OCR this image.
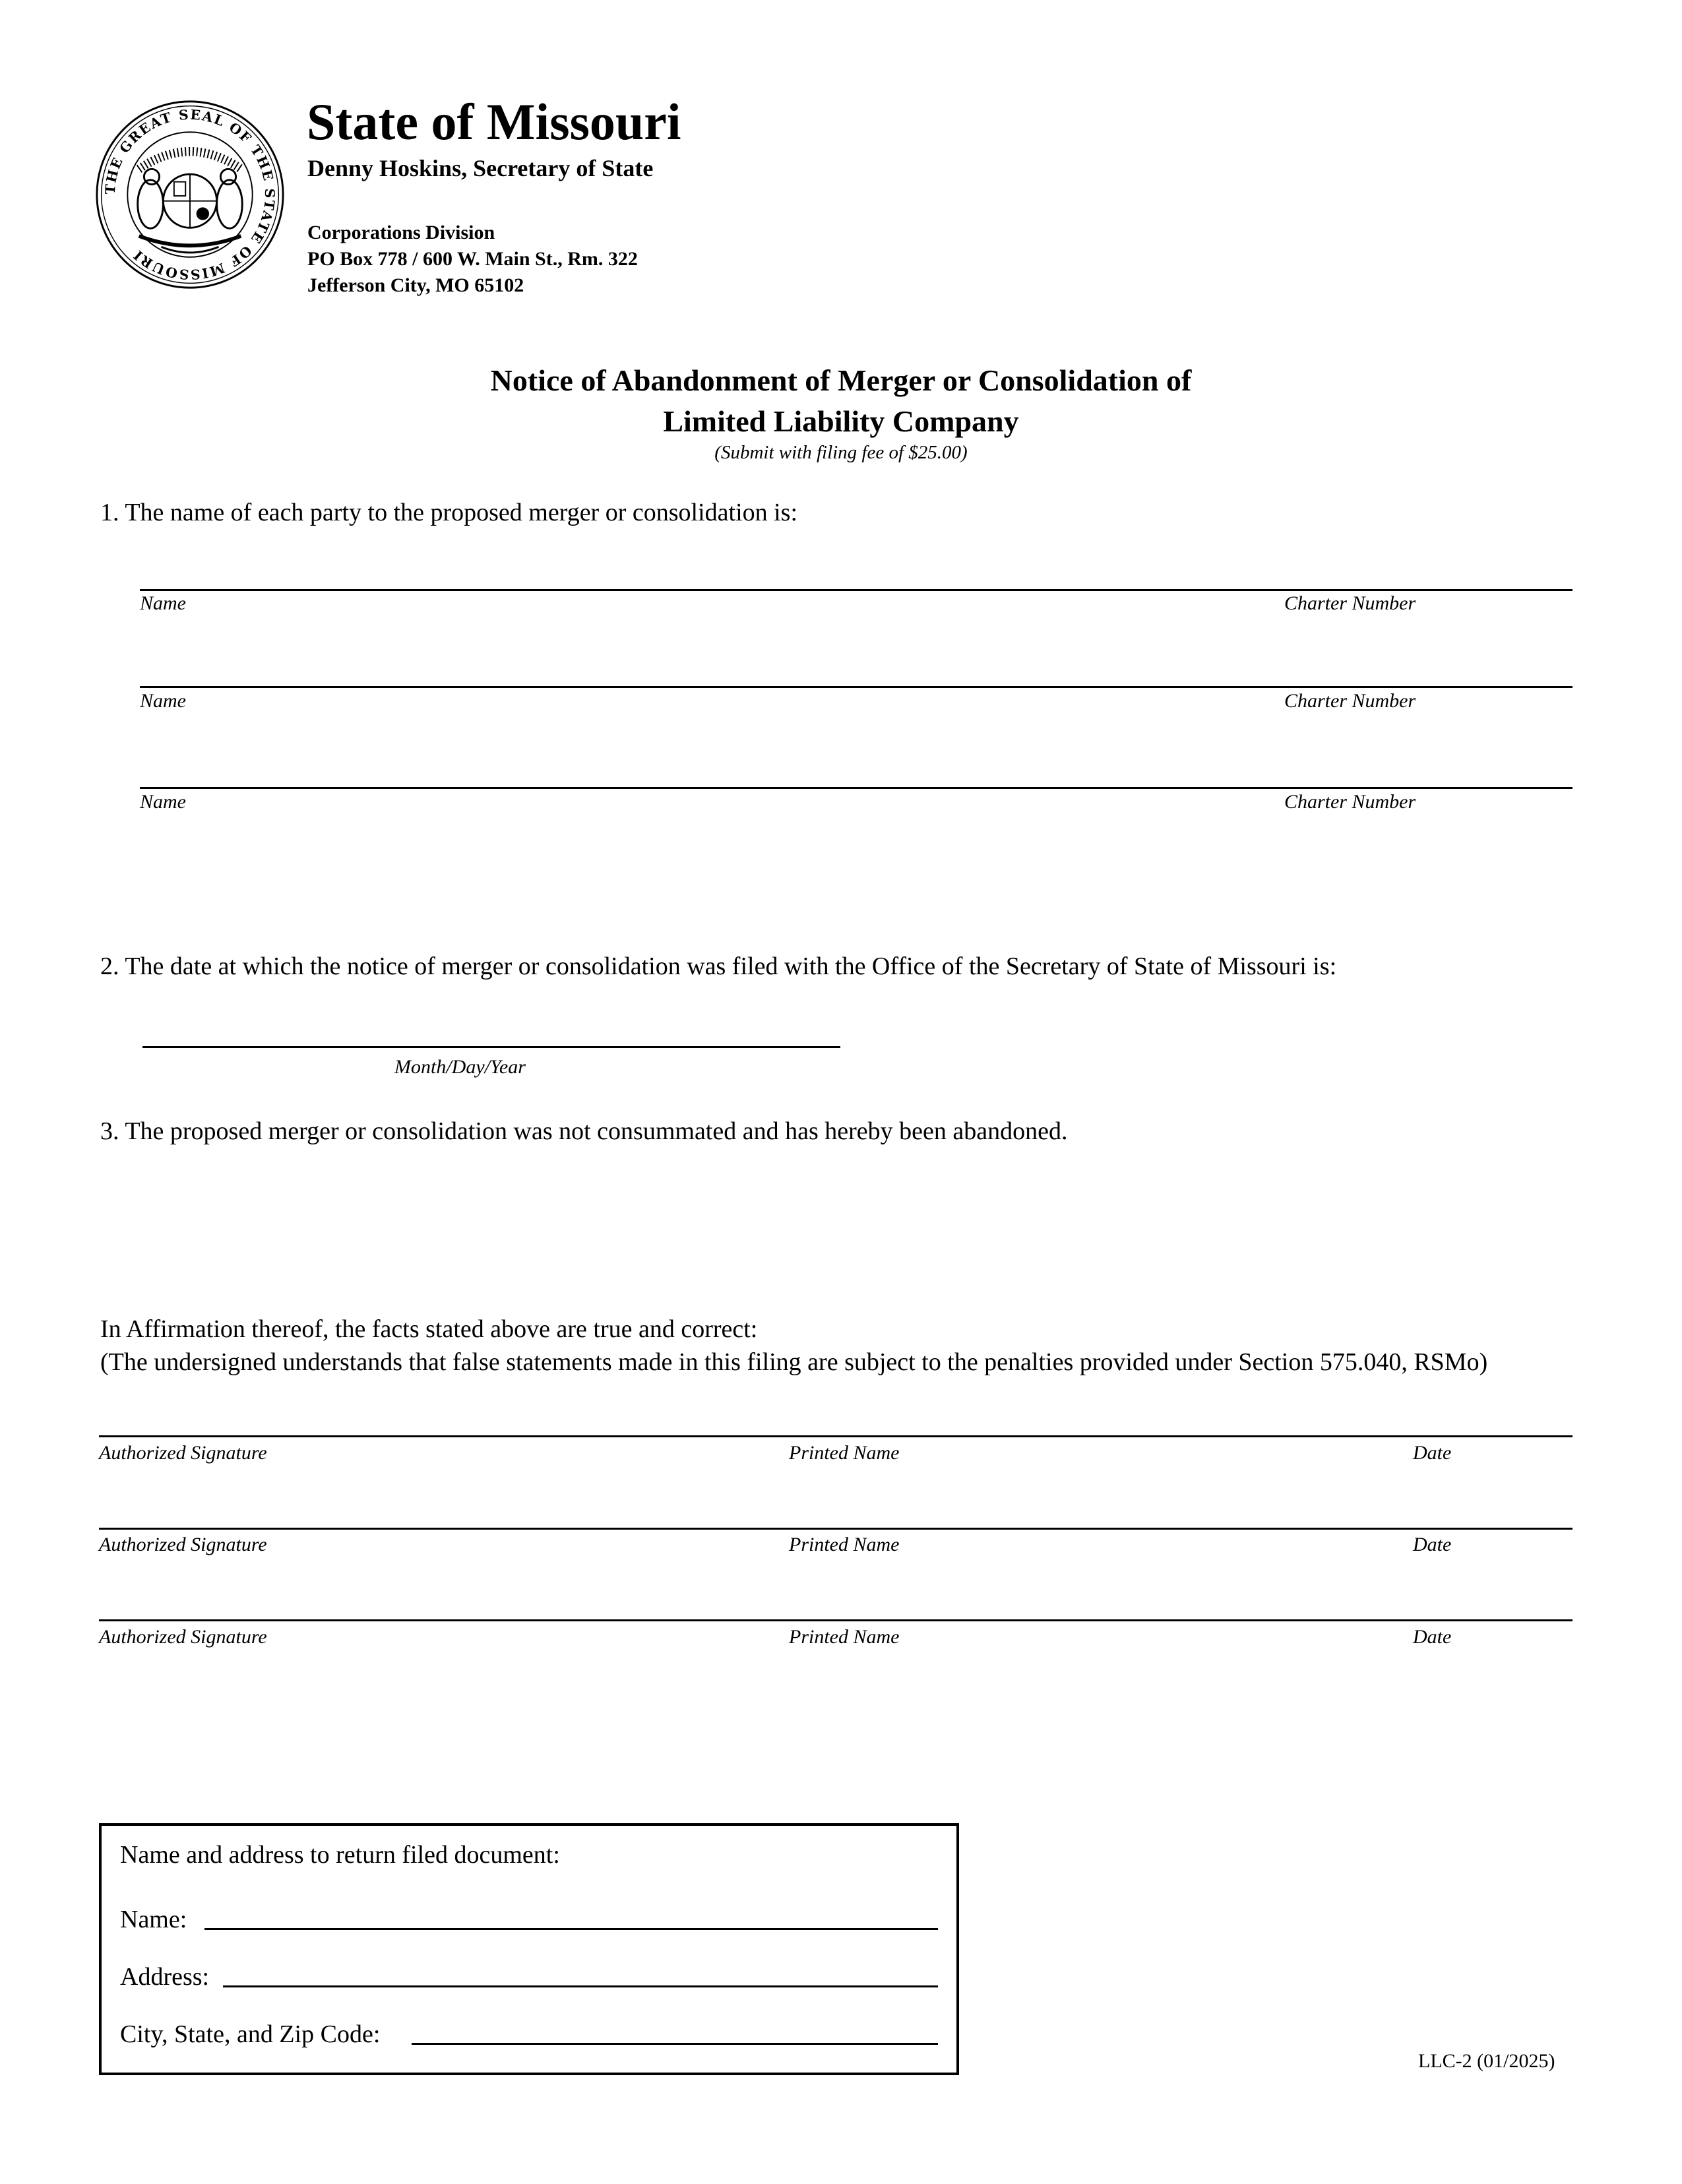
THE GREAT SEAL OF THE STATE OF MISSOURI
State of Missouri
Denny Hoskins, Secretary of State
Corporations Division
PO Box 778 / 600 W. Main St., Rm. 322
Jefferson City, MO 65102
Notice of Abandonment of Merger or Consolidation of
Limited Liability Company
(Submit with filing fee of $25.00)
1. The name of each party to the proposed merger or consolidation is:
Name	Charter Number
Name	Charter Number
Name	Charter Number
2. The date at which the notice of merger or consolidation was filed with the Office of the Secretary of State of Missouri is:
Month/Day/Year
3. The proposed merger or consolidation was not consummated and has hereby been abandoned.
In Affirmation thereof, the facts stated above are true and correct:
(The undersigned understands that false statements made in this filing are subject to the penalties provided under Section 575.040, RSMo)
Authorized Signature	Printed Name	Date
Authorized Signature	Printed Name	Date
Authorized Signature	Printed Name	Date
Name and address to return filed document:
Name:
Address:
City, State, and Zip Code:
LLC-2 (01/2025)
